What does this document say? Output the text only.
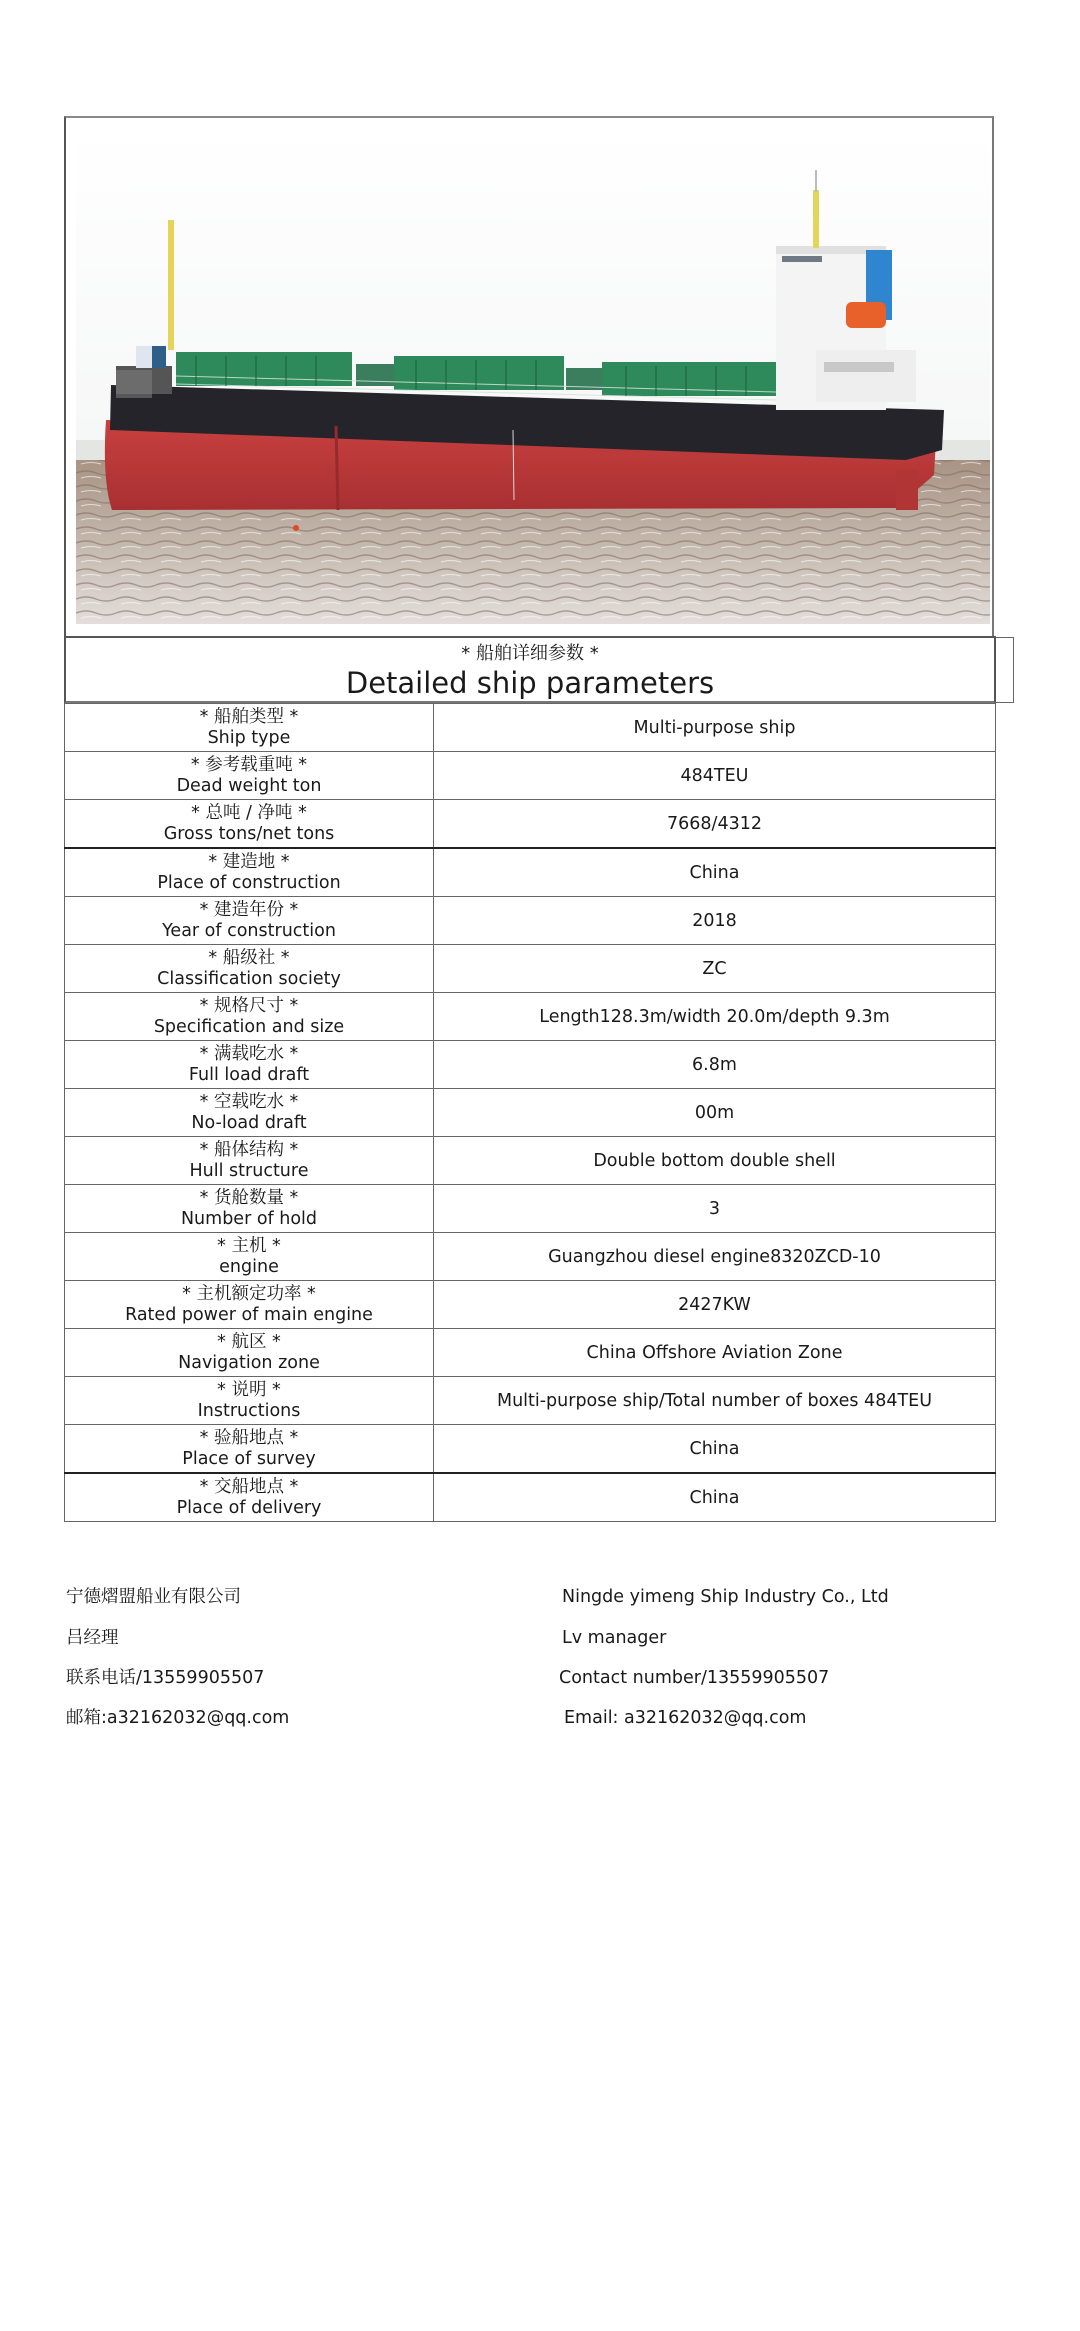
* 船舶详细参数 *
Detailed ship parameters
* 船舶类型 *
Ship type	Multi-purpose ship

* 参考载重吨 *
Dead weight ton	484TEU

* 总吨 / 净吨 *
Gross tons/net tons	7668/4312

* 建造地 *
Place of construction	China

* 建造年份 *
Year of construction	2018

* 船级社 *
Classification society	ZC

* 规格尺寸 *
Specification and size	Length128.3m/width 20.0m/depth 9.3m

* 满载吃水 *
Full load draft	6.8m

* 空载吃水 *
No-load draft	00m

* 船体结构 *
Hull structure	Double bottom double shell

* 货舱数量 *
Number of hold	3

* 主机 *
engine	Guangzhou diesel engine8320ZCD-10

* 主机额定功率 *
Rated power of main engine	2427KW

* 航区 *
Navigation zone	China Offshore Aviation Zone

* 说明 *
Instructions	Multi-purpose ship/Total number of boxes 484TEU

* 验船地点 *
Place of survey	China

* 交船地点 *
Place of delivery	China
宁德熠盟船业有限公司
吕经理
联系电话/13559905507
邮箱:a32162032@qq.com
Ningde yimeng Ship Industry Co., Ltd
Lv manager
Contact number/13559905507
Email: a32162032@qq.com
